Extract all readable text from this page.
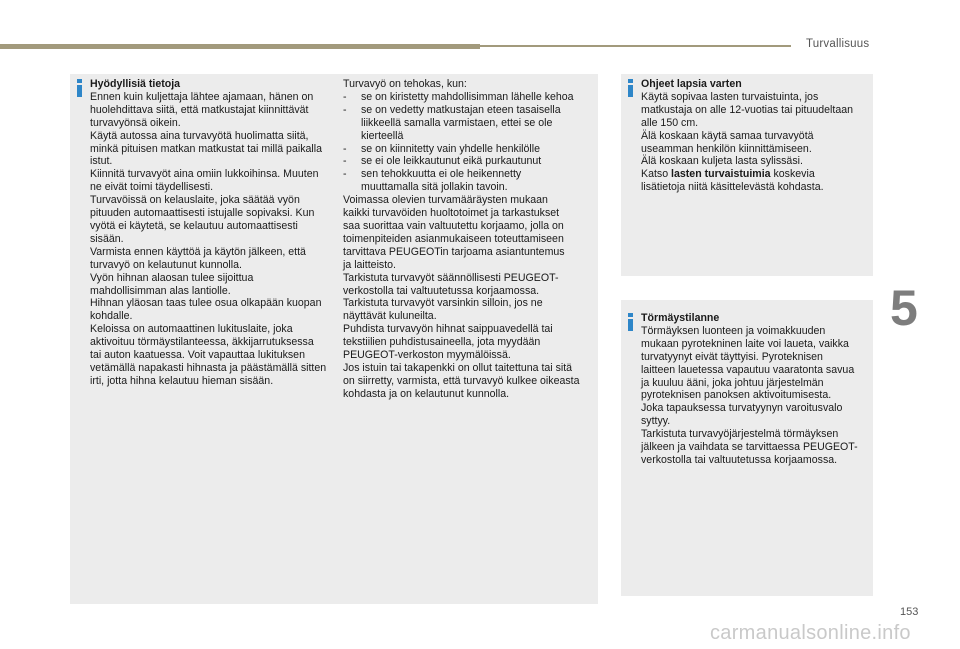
Turvallisuus
5

Hyödyllisiä tietoja

Ennen kuin kuljettaja lähtee ajamaan, hänen on

huolehdittava siitä, että matkustajat kiinnittävät

turvavyönsä oikein.

Käytä autossa aina turvavyötä huolimatta siitä,

minkä pituisen matkan matkustat tai millä paikalla

istut.

Kiinnitä turvavyöt aina omiin lukkoihinsa. Muuten

ne eivät toimi täydellisesti.

Turvavöissä on kelauslaite, joka säätää vyön

pituuden automaattisesti istujalle sopivaksi. Kun

vyötä ei käytetä, se kelautuu automaattisesti

sisään.

Varmista ennen käyttöä ja käytön jälkeen, että

turvavyö on kelautunut kunnolla.

Vyön hihnan alaosan tulee sijoittua

mahdollisimman alas lantiolle.

Hihnan yläosan taas tulee osua olkapään kuopan

kohdalle.

Keloissa on automaattinen lukituslaite, joka

aktivoituu törmäystilanteessa, äkkijarrutuksessa

tai auton kaatuessa. Voit vapauttaa lukituksen

vetämällä napakasti hihnasta ja päästämällä sitten

irti, jotta hihna kelautuu hieman sisään.

Turvavyö on tehokas, kun:

-	se on kiristetty mahdollisimman lähelle kehoa
-	se on vedetty matkustajan eteen tasaisella
liikkeellä samalla varmistaen, ettei se ole
kierteellä
-	se on kiinnitetty vain yhdelle henkilölle
-	se ei ole leikkautunut eikä purkautunut
-	sen tehokkuutta ei ole heikennetty
muuttamalla sitä jollakin tavoin.

Voimassa olevien turvamääräysten mukaan

kaikki turvavöiden huoltotoimet ja tarkastukset

saa suorittaa vain valtuutettu korjaamo, jolla on

toimenpiteiden asianmukaiseen toteuttamiseen

tarvittava PEUGEOTin tarjoama asiantuntemus

ja laitteisto.

Tarkistuta turvavyöt säännöllisesti PEUGEOT-

verkostolla tai valtuutetussa korjaamossa.

Tarkistuta turvavyöt varsinkin silloin, jos ne

näyttävät kuluneilta.

Puhdista turvavyön hihnat saippuavedellä tai

tekstiilien puhdistusaineella, jota myydään

PEUGEOT-verkoston myymälöissä.

Jos istuin tai takapenkki on ollut taitettuna tai sitä

on siirretty, varmista, että turvavyö kulkee oikeasta

kohdasta ja on kelautunut kunnolla.

Ohjeet lapsia varten

Käytä sopivaa lasten turvaistuinta, jos

matkustaja on alle 12-vuotias tai pituudeltaan

alle 150 cm.

Älä koskaan käytä samaa turvavyötä

useamman henkilön kiinnittämiseen.

Älä koskaan kuljeta lasta sylissäsi.

Katso lasten turvaistuimia koskevia

lisätietoja niitä käsittelevästä kohdasta.

Törmäystilanne

Törmäyksen luonteen ja voimakkuuden

mukaan pyrotekninen laite voi laueta, vaikka

turvatyynyt eivät täyttyisi. Pyroteknisen

laitteen lauetessa vapautuu vaaratonta savua

ja kuuluu ääni, joka johtuu järjestelmän

pyroteknisen panoksen aktivoitumisesta.

Joka tapauksessa turvatyynyn varoitusvalo

syttyy.

Tarkistuta turvavyöjärjestelmä törmäyksen

jälkeen ja vaihdata se tarvittaessa PEUGEOT-

verkostolla tai valtuutetussa korjaamossa.

153
carmanualsonline.info
